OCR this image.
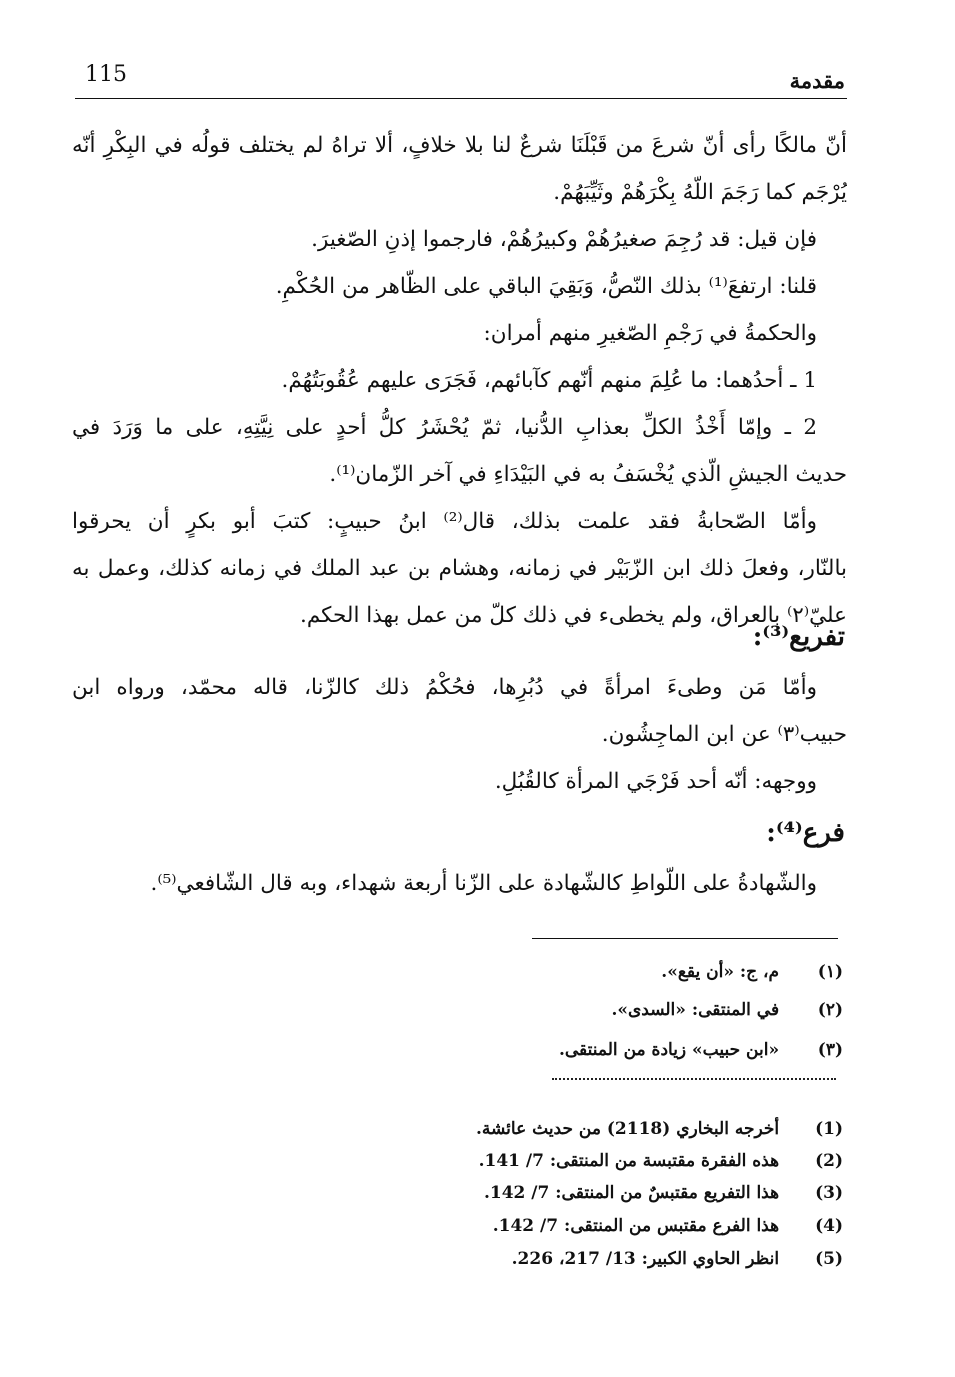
115	مقدمة

أنّ مالكًا رأى أنّ شرعَ من قَبْلَنَا شرعٌ لنا بلا خلافٍ، ألا تراهُ لم يختلف قولُه في البِكْرِ أنّه

يُرْجَم كما رَجَمَ اللّهُ بِكْرَهُمْ وثَيِّبَهُمْ.

فإن قيل: قد رُجِمَ صغيرُهُمْ وكبيرُهُمْ، فارجموا إذنِ الصّغيرَ.

قلنا: ارتفعَ⁽¹⁾ بذلك النّصُّ، وَبَقِيَ الباقي على الظّاهر من الحُكْمِ.

والحكمةُ في رَجْمِ الصّغيرِ منهم أمران:

1 ـ أحدُهما: ما عُلِمَ منهم أنّهم كآبائهم، فَجَرَى عليهم عُقُوبَتُهُمْ.

2 ـ وإمّا أَخْذُ الكلِّ بعذابِ الدُّنيا، ثمّ يُحْشَرُ كلُّ أحدٍ على نِيَّتِهِ، على ما وَرَدَ في

حديث الجيشِ الّذي يُخْسَفُ به في البَيْدَاءِ في آخر الزّمان⁽¹⁾.

وأمّا الصّحابةُ فقد علمت بذلك، قال⁽²⁾ ابنُ حبيبٍ: كتبَ أبو بكرٍ أن يحرقوا

بالنّار، وفعلَ ذلك ابن الزّبَيْر في زمانه، وهشام بن عبد الملك في زمانه كذلك، وعمل به

عليّ⁽٢⁾ بالعراق، ولم يخطىء في ذلك كلّ من عمل بهذا الحكم.

تفريع⁽³⁾:

وأمّا مَن وطىءَ امرأةً في دُبُرِها، فحُكْمُ ذلك كالزّنا، قاله محمّد، ورواه ابن

حبيب⁽٣⁾ عن ابن الماجِشُون.

ووجهه: أنّه أحد فَرْجَي المرأة كالقُبُلِ.

فرع⁽⁴⁾:

والشّهادةُ على اللّواطِ كالشّهادة على الزّنا أربعة شهداء، وبه قال الشّافعي⁽⁵⁾.

(١) م، ج: «أن يقع».
(٢) في المنتقى: «السدى».
(٣) «ابن حبيب» زيادة من المنتقى.
(1) أخرجه البخاري (2118) من حديث عائشة.
(2) هذه الفقرة مقتبسة من المنتقى: 7/ 141.
(3) هذا التفريع مقتبسٌ من المنتقى: 7/ 142.
(4) هذا الفرع مقتبس من المنتقى: 7/ 142.
(5) انظر الحاوي الكبير: 13/ 217، 226.
